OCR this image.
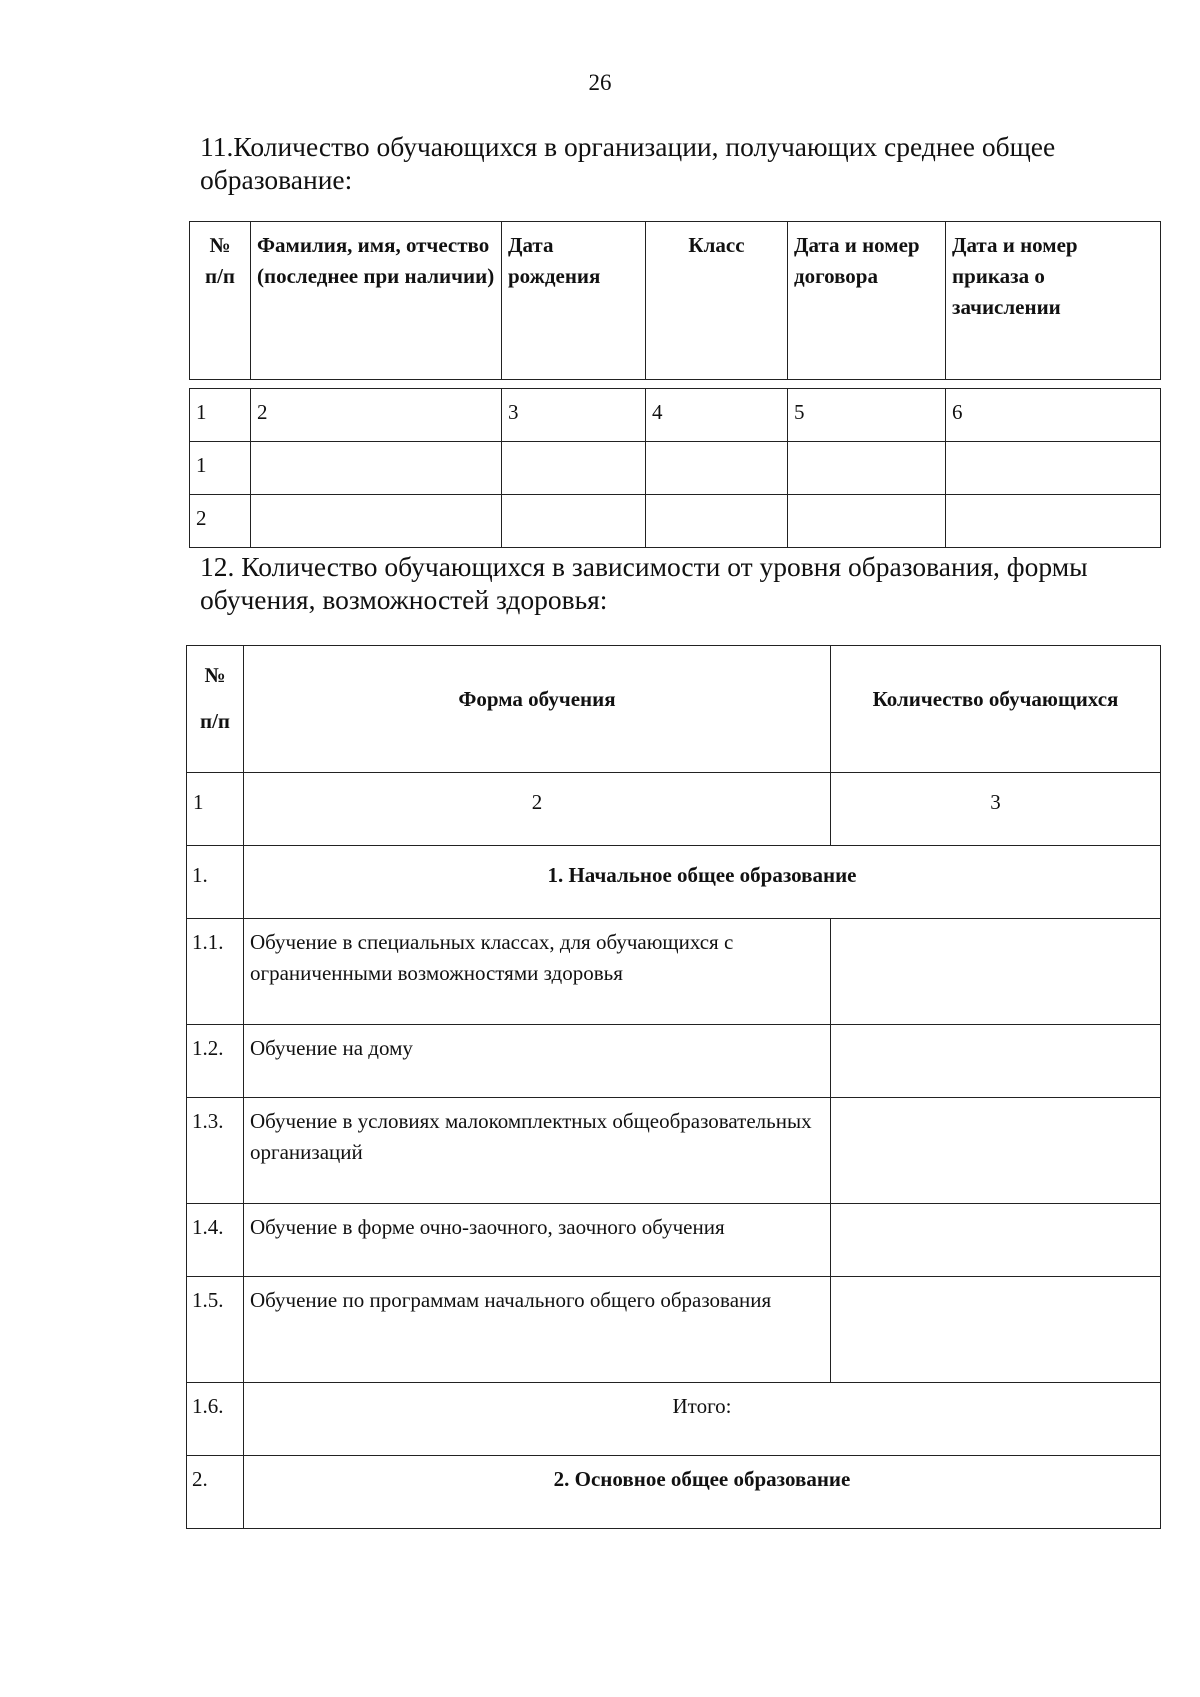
26

11.Количество обучающихся в организации, получающих среднее общее
образование:

№
п/п	Фамилия, имя, отчество (последнее при наличии)	Дата рождения	Класс	Дата и номер договора	Дата и номер приказа о зачислении
1	2	3	4	5	6
1					
2					

12. Количество обучающихся в зависимости от уровня образования, формы
обучения, возможностей здоровья:

№
п/п	Форма обучения	Количество обучающихся
1	2	3
1.	1. Начальное общее образование	
1.1.	Обучение в специальных классах, для обучающихся с ограниченными возможностями здоровья	
1.2.	Обучение на дому	
1.3.	Обучение в условиях малокомплектных общеобразовательных организаций	
1.4.	Обучение в форме очно-заочного, заочного обучения	
1.5.	Обучение по программам начального общего образования	
1.6.	Итого:	
2.	2. Основное общее образование	
